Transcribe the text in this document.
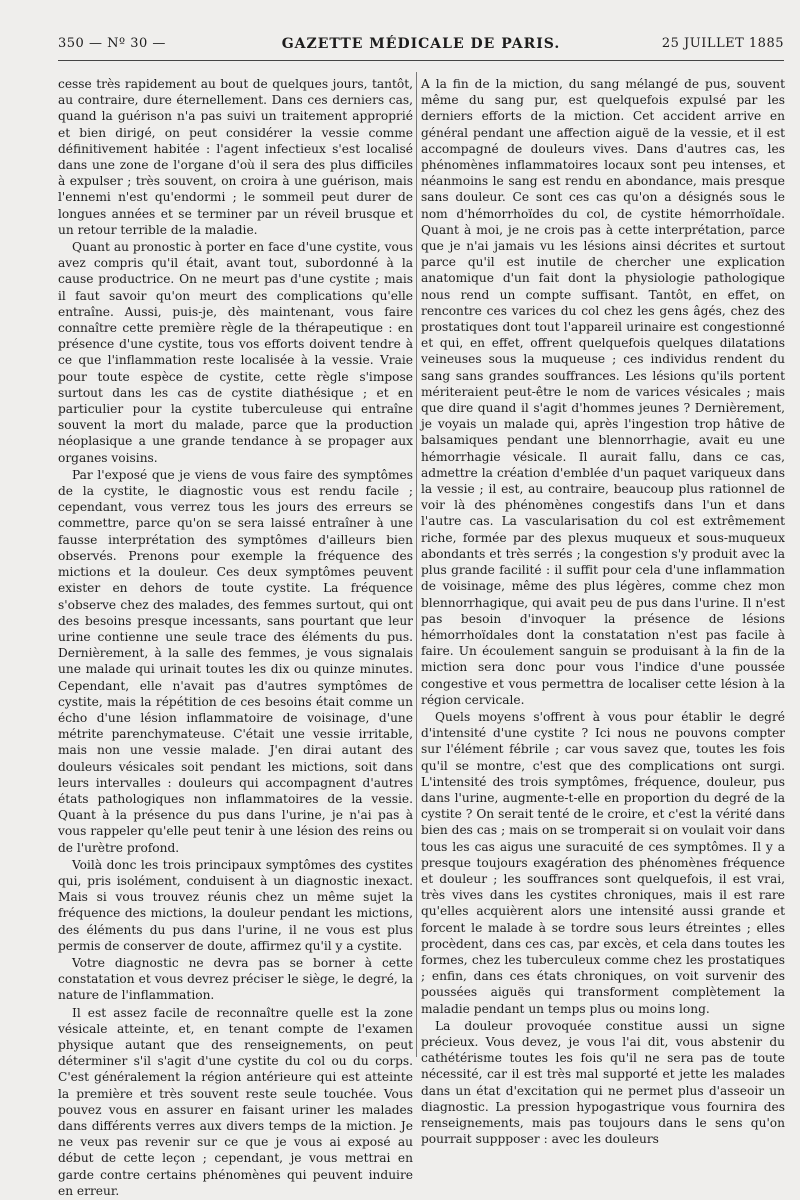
350 — Nº 30 —	GAZETTE MÉDICALE DE PARIS.	25 JUILLET 1885

cesse très rapidement au bout de quelques jours, tantôt, au contraire, dure éternellement. Dans ces derniers cas, quand la guérison n'a pas suivi un traitement approprié et bien dirigé, on peut considérer la vessie comme définitivement habitée : l'agent infectieux s'est localisé dans une zone de l'organe d'où il sera des plus difficiles à expulser ; très souvent, on croira à une guérison, mais l'ennemi n'est qu'endormi ; le sommeil peut durer de longues années et se terminer par un réveil brusque et un retour terrible de la maladie.

Quant au pronostic à porter en face d'une cystite, vous avez compris qu'il était, avant tout, subordonné à la cause productrice. On ne meurt pas d'une cystite ; mais il faut savoir qu'on meurt des complications qu'elle entraîne. Aussi, puis-je, dès maintenant, vous faire connaître cette première règle de la thérapeutique : en présence d'une cystite, tous vos efforts doivent tendre à ce que l'inflammation reste localisée à la vessie. Vraie pour toute espèce de cystite, cette règle s'impose surtout dans les cas de cystite diathésique ; et en particulier pour la cystite tuberculeuse qui entraîne souvent la mort du malade, parce que la production néoplasique a une grande tendance à se propager aux organes voisins.

Par l'exposé que je viens de vous faire des symptômes de la cystite, le diagnostic vous est rendu facile ; cependant, vous verrez tous les jours des erreurs se commettre, parce qu'on se sera laissé entraîner à une fausse interprétation des symptômes d'ailleurs bien observés. Prenons pour exemple la fréquence des mictions et la douleur. Ces deux symptômes peuvent exister en dehors de toute cystite. La fréquence s'observe chez des malades, des femmes surtout, qui ont des besoins presque incessants, sans pourtant que leur urine contienne une seule trace des éléments du pus. Dernièrement, à la salle des femmes, je vous signalais une malade qui urinait toutes les dix ou quinze minutes. Cependant, elle n'avait pas d'autres symptômes de cystite, mais la répétition de ces besoins était comme un écho d'une lésion inflammatoire de voisinage, d'une métrite parenchymateuse. C'était une vessie irritable, mais non une vessie malade. J'en dirai autant des douleurs vésicales soit pendant les mictions, soit dans leurs intervalles : douleurs qui accompagnent d'autres états pathologiques non inflammatoires de la vessie. Quant à la présence du pus dans l'urine, je n'ai pas à vous rappeler qu'elle peut tenir à une lésion des reins ou de l'urètre profond.

Voilà donc les trois principaux symptômes des cystites qui, pris isolément, conduisent à un diagnostic inexact. Mais si vous trouvez réunis chez un même sujet la fréquence des mictions, la douleur pendant les mictions, des éléments du pus dans l'urine, il ne vous est plus permis de conserver de doute, affirmez qu'il y a cystite.

Votre diagnostic ne devra pas se borner à cette constatation et vous devrez préciser le siège, le degré, la nature de l'inflammation.

Il est assez facile de reconnaître quelle est la zone vésicale atteinte, et, en tenant compte de l'examen physique autant que des renseignements, on peut déterminer s'il s'agit d'une cystite du col ou du corps. C'est généralement la région antérieure qui est atteinte la première et très souvent reste seule touchée. Vous pouvez vous en assurer en faisant uriner les malades dans différents verres aux divers temps de la miction. Je ne veux pas revenir sur ce que je vous ai exposé au début de cette leçon ; cependant, je vous mettrai en garde contre certains phénomènes qui peuvent induire en erreur.

A la fin de la miction, du sang mélangé de pus, souvent même du sang pur, est quelquefois expulsé par les derniers efforts de la miction. Cet accident arrive en général pendant une affection aiguë de la vessie, et il est accompagné de douleurs vives. Dans d'autres cas, les phénomènes inflammatoires locaux sont peu intenses, et néanmoins le sang est rendu en abondance, mais presque sans douleur. Ce sont ces cas qu'on a désignés sous le nom d'hémorrhoïdes du col, de cystite hémorrhoïdale. Quant à moi, je ne crois pas à cette interprétation, parce que je n'ai jamais vu les lésions ainsi décrites et surtout parce qu'il est inutile de chercher une explication anatomique d'un fait dont la physiologie pathologique nous rend un compte suffisant. Tantôt, en effet, on rencontre ces varices du col chez les gens âgés, chez des prostatiques dont tout l'appareil urinaire est congestionné et qui, en effet, offrent quelquefois quelques dilatations veineuses sous la muqueuse ; ces individus rendent du sang sans grandes souffrances. Les lésions qu'ils portent mériteraient peut-être le nom de varices vésicales ; mais que dire quand il s'agit d'hommes jeunes ? Dernièrement, je voyais un malade qui, après l'ingestion trop hâtive de balsamiques pendant une blennorrhagie, avait eu une hémorrhagie vésicale. Il aurait fallu, dans ce cas, admettre la création d'emblée d'un paquet variqueux dans la vessie ; il est, au contraire, beaucoup plus rationnel de voir là des phénomènes congestifs dans l'un et dans l'autre cas. La vascularisation du col est extrêmement riche, formée par des plexus muqueux et sous-muqueux abondants et très serrés ; la congestion s'y produit avec la plus grande facilité : il suffit pour cela d'une inflammation de voisinage, même des plus légères, comme chez mon blennorrhagique, qui avait peu de pus dans l'urine. Il n'est pas besoin d'invoquer la présence de lésions hémorrhoïdales dont la constatation n'est pas facile à faire. Un écoulement sanguin se produisant à la fin de la miction sera donc pour vous l'indice d'une poussée congestive et vous permettra de localiser cette lésion à la région cervicale.

Quels moyens s'offrent à vous pour établir le degré d'intensité d'une cystite ? Ici nous ne pouvons compter sur l'élément fébrile ; car vous savez que, toutes les fois qu'il se montre, c'est que des complications ont surgi. L'intensité des trois symptômes, fréquence, douleur, pus dans l'urine, augmente-t-elle en proportion du degré de la cystite ? On serait tenté de le croire, et c'est la vérité dans bien des cas ; mais on se tromperait si on voulait voir dans tous les cas aigus une suracuité de ces symptômes. Il y a presque toujours exagération des phénomènes fréquence et douleur ; les souffrances sont quelquefois, il est vrai, très vives dans les cystites chroniques, mais il est rare qu'elles acquièrent alors une intensité aussi grande et forcent le malade à se tordre sous leurs étreintes ; elles procèdent, dans ces cas, par excès, et cela dans toutes les formes, chez les tuberculeux comme chez les prostatiques ; enfin, dans ces états chroniques, on voit survenir des poussées aiguës qui transforment complètement la maladie pendant un temps plus ou moins long.

La douleur provoquée constitue aussi un signe précieux. Vous devez, je vous l'ai dit, vous abstenir du cathétérisme toutes les fois qu'il ne sera pas de toute nécessité, car il est très mal supporté et jette les malades dans un état d'excitation qui ne permet plus d'asseoir un diagnostic. La pression hypogastrique vous fournira des renseignements, mais pas toujours dans le sens qu'on pourrait suppposer : avec les douleurs
